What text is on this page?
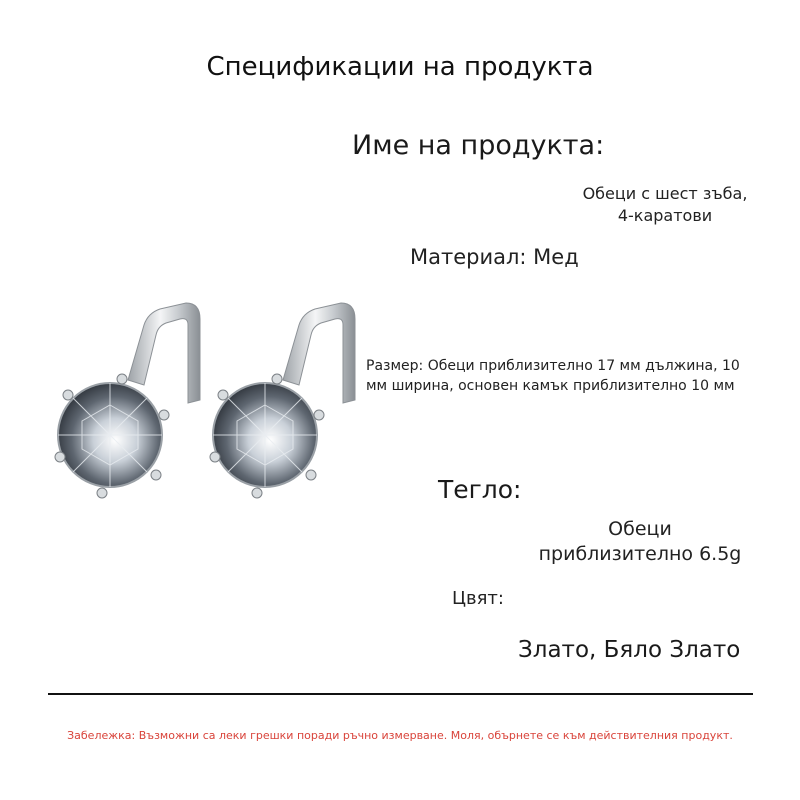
Спецификации на продукта
Име на продукта:
Обеци с шест зъба,
4-каратови
Материал: Мед
Размер: Обеци приблизително 17 мм дължина, 10
мм ширина, основен камък приблизително 10 мм
Тегло:
Обеци
приблизително 6.5g
Цвят:
Злато, Бяло Злато
Забележка: Възможни са леки грешки поради ръчно измерване. Моля, обърнете се към действителния продукт.
